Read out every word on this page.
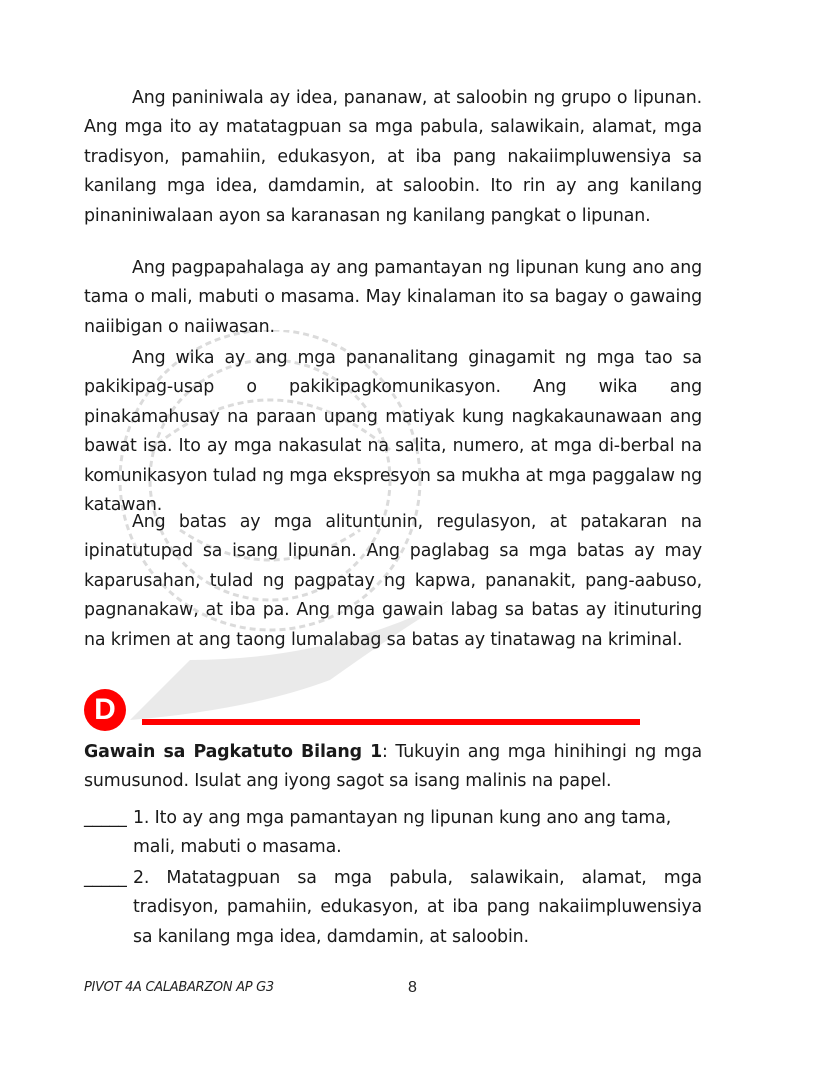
Ang paniniwala ay idea, pananaw, at saloobin ng grupo o lipunan. Ang mga ito ay matatagpuan sa mga pabula, salawikain, alamat, mga tradisyon, pamahiin, edukasyon, at iba pang nakaiimpluwensiya sa kanilang mga idea, damdamin, at saloobin. Ito rin ay ang kanilang pinaniniwalaan ayon sa karanasan ng kanilang pangkat o lipunan.

Ang pagpapahalaga ay ang pamantayan ng lipunan kung ano ang tama o mali, mabuti o masama. May kinalaman ito sa bagay o gawaing naiibigan o naiiwasan.

Ang wika ay ang mga pananalitang ginagamit ng mga tao sa pakikipag-usap o pakikipagkomunikasyon. Ang wika ang pinakamahusay na paraan upang matiyak kung nagkakaunawaan ang bawat isa. Ito ay mga nakasulat na salita, numero, at mga di-berbal na komunikasyon tulad ng mga ekspresyon sa mukha at mga paggalaw ng katawan.

Ang batas ay mga alituntunin, regulasyon, at patakaran na ipinatutupad sa isang lipunan. Ang paglabag sa mga batas ay may kaparusahan, tulad ng pagpatay ng kapwa, pananakit, pang-aabuso, pagnanakaw, at iba pa. Ang mga gawain labag sa batas ay itinuturing na krimen at ang taong lumalabag sa batas ay tinatawag na kriminal.

D

Gawain sa Pagkatuto Bilang 1: Tukuyin ang mga hinihingi ng mga sumusunod. Isulat ang iyong sagot sa isang malinis na papel.

_____ 1. Ito ay ang mga pamantayan ng lipunan kung ano ang tama, mali, mabuti o masama.
_____ 2. Matatagpuan sa mga pabula, salawikain, alamat, mga tradisyon, pamahiin, edukasyon, at iba pang nakaiimpluwensiya sa kanilang mga idea, damdamin, at saloobin.
PIVOT 4A CALABARZON AP G3	8
